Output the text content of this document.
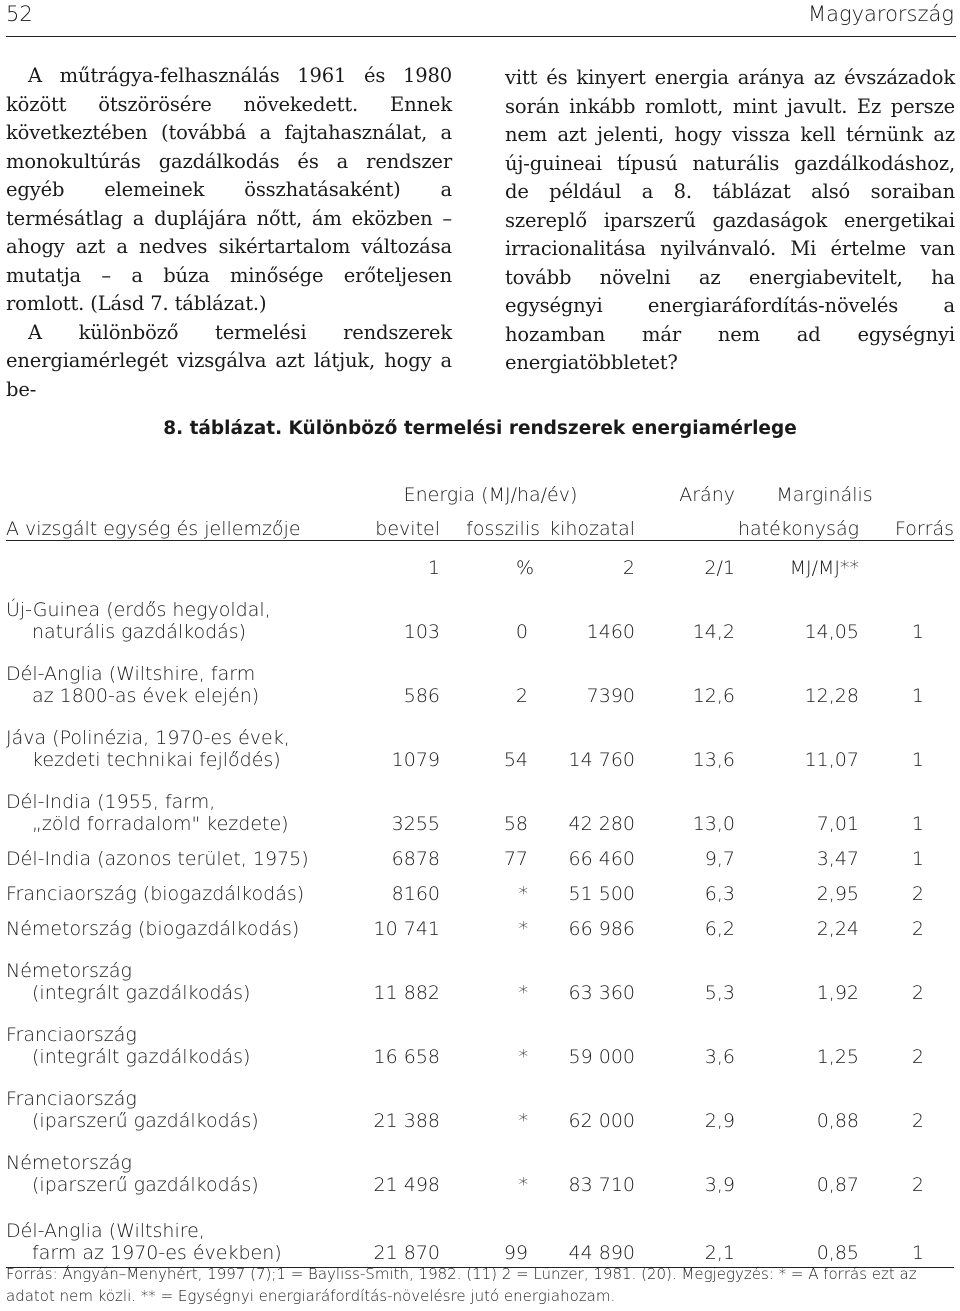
52	Magyarország

A műtrágya-felhasználás 1961 és 1980 között ötszörösére növekedett. Ennek következtében (továbbá a fajtahasználat, a monokultúrás gazdálkodás és a rendszer egyéb elemeinek összhatásaként) a termésátlag a duplájára nőtt, ám eközben – ahogy azt a nedves sikértartalom változása mutatja – a búza minősége erőteljesen romlott. (Lásd 7. táblázat.)

A különböző termelési rendszerek energiamérlegét vizsgálva azt látjuk, hogy a be-

vitt és kinyert energia aránya az évszázadok során inkább romlott, mint javult. Ez persze nem azt jelenti, hogy vissza kell térnünk az új-guineai típusú naturális gazdálkodáshoz, de például a 8. táblázat alsó soraiban szereplő iparszerű gazdaságok energetikai irracionalitása nyilvánvaló. Mi értelme van tovább növelni az energiabevitelt, ha egységnyi energiaráfordítás-növelés a hozamban már nem ad egységnyi energiatöbbletet?

8. táblázat. Különböző termelési rendszerek energiamérlege
	Energia (MJ/ha/év)			Arány	Marginális	
A vizsgált egység és jellemzője	bevitel	fosszilis	kihozatal		hatékonyság	Forrás
	1	%	2	2/1	MJ/MJ**	
Új-Guinea (erdős hegyoldal,
naturális gazdálkodás)	103	0	1460	14,2	14,05	1
Dél-Anglia (Wiltshire, farm
az 1800-as évek elején)	586	2	7390	12,6	12,28	1
Jáva (Polinézia, 1970-es évek,
kezdeti technikai fejlődés)	1079	54	14 760	13,6	11,07	1
Dél-India (1955, farm,
„zöld forradalom" kezdete)	3255	58	42 280	13,0	7,01	1
Dél-India (azonos terület, 1975)	6878	77	66 460	9,7	3,47	1
Franciaország (biogazdálkodás)	8160	*	51 500	6,3	2,95	2
Németország (biogazdálkodás)	10 741	*	66 986	6,2	2,24	2
Németország
(integrált gazdálkodás)	11 882	*	63 360	5,3	1,92	2
Franciaország
(integrált gazdálkodás)	16 658	*	59 000	3,6	1,25	2
Franciaország
(iparszerű gazdálkodás)	21 388	*	62 000	2,9	0,88	2
Németország
(iparszerű gazdálkodás)	21 498	*	83 710	3,9	0,87	2
Dél-Anglia (Wiltshire,
farm az 1970-es években)	21 870	99	44 890	2,1	0,85	1
Forrás: Ángyán–Menyhért, 1997 (7);1 = Bayliss-Smith, 1982. (11) 2 = Lünzer, 1981. (20). Megjegyzés: * = A forrás ezt az adatot nem közli. ** = Egységnyi energiaráfordítás-növelésre jutó energiahozam.
